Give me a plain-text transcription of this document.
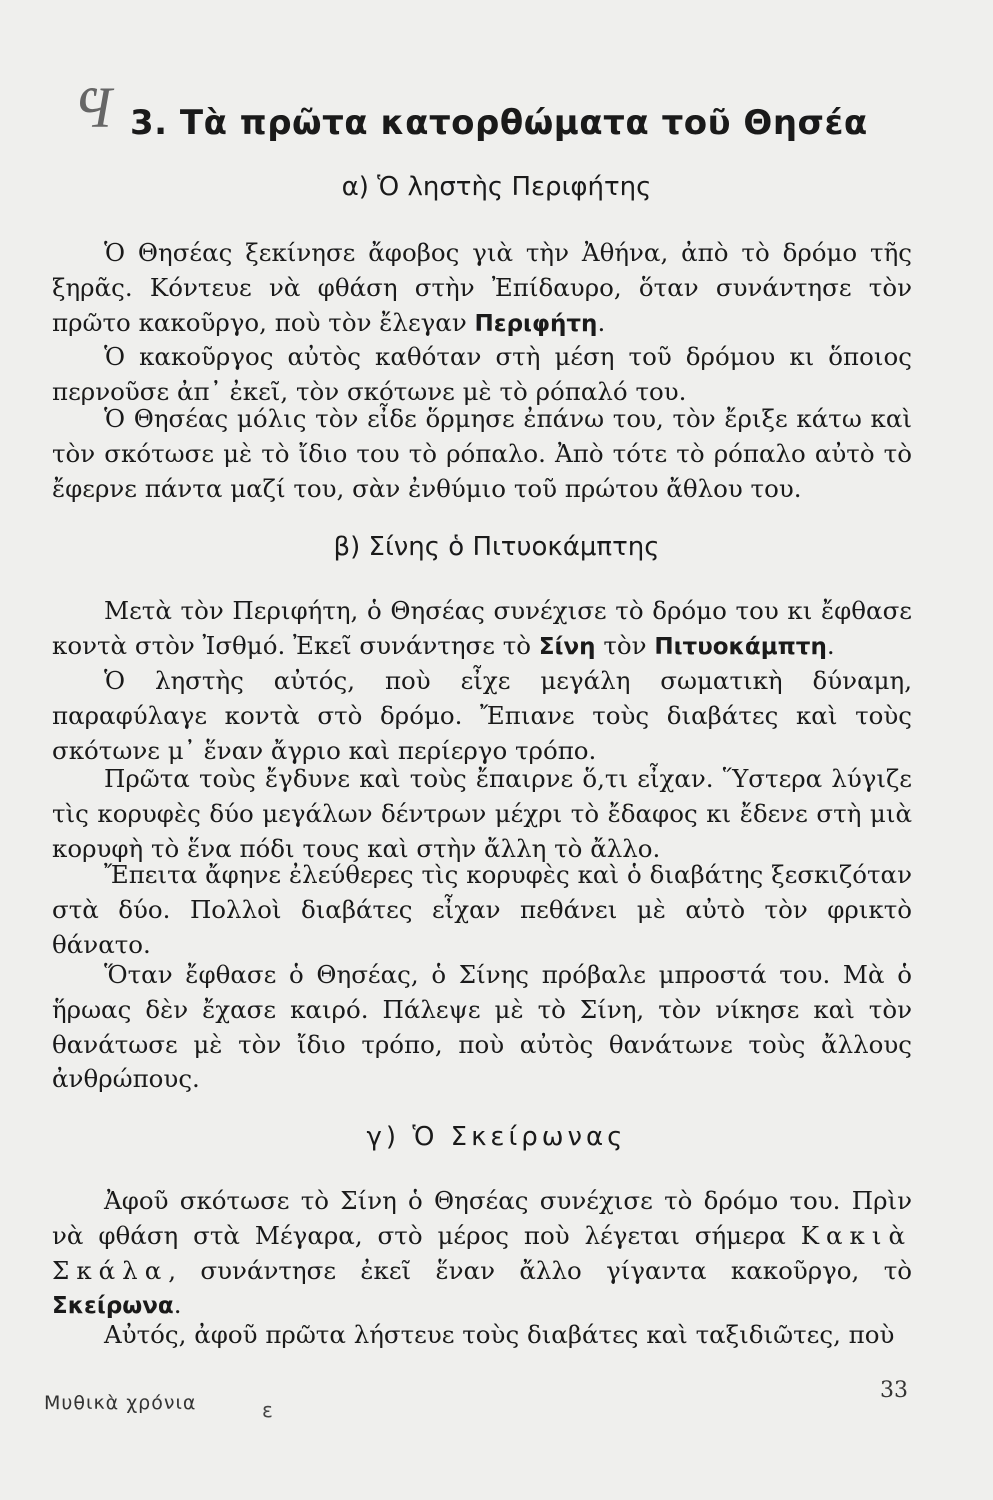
Ϥ 3. Τὰ πρῶτα κατορθώματα τοῦ Θησέα
α) Ὁ ληστὴς Περιφήτης

Ὁ Θησέας ξεκίνησε ἄφοβος γιὰ τὴν Ἀθήνα, ἀπὸ τὸ δρόμο τῆς ξηρᾶς. Κόντευε νὰ φθάση στὴν Ἐπίδαυρο, ὅταν συνάντησε τὸν πρῶτο κακοῦργο, ποὺ τὸν ἔλεγαν Περιφήτη.

Ὁ κακοῦργος αὐτὸς καθόταν στὴ μέση τοῦ δρόμου κι ὅποιος περνοῦσε ἀπ᾽ ἐκεῖ, τὸν σκότωνε μὲ τὸ ρόπαλό του.

Ὁ Θησέας μόλις τὸν εἶδε ὅρμησε ἐπάνω του, τὸν ἔριξε κάτω καὶ τὸν σκότωσε μὲ τὸ ἴδιο του τὸ ρόπαλο. Ἀπὸ τότε τὸ ρόπαλο αὐτὸ τὸ ἔφερνε πάντα μαζί του, σὰν ἐνθύμιο τοῦ πρώτου ἄθλου του.

β) Σίνης ὁ Πιτυοκάμπτης

Μετὰ τὸν Περιφήτη, ὁ Θησέας συνέχισε τὸ δρόμο του κι ἔφθασε κοντὰ στὸν Ἰσθμό. Ἐκεῖ συνάντησε τὸ Σίνη τὸν Πιτυοκάμπτη.

Ὁ ληστὴς αὐτός, ποὺ εἶχε μεγάλη σωματικὴ δύναμη, παραφύλαγε κοντὰ στὸ δρόμο. Ἔπιανε τοὺς διαβάτες καὶ τοὺς σκότωνε μ᾽ ἕναν ἄγριο καὶ περίεργο τρόπο.

Πρῶτα τοὺς ἔγδυνε καὶ τοὺς ἔπαιρνε ὅ,τι εἶχαν. Ὕστερα λύγιζε τὶς κορυφὲς δύο μεγάλων δέντρων μέχρι τὸ ἔδαφος κι ἔδενε στὴ μιὰ κορυφὴ τὸ ἕνα πόδι τους καὶ στὴν ἄλλη τὸ ἄλλο.

Ἔπειτα ἄφηνε ἐλεύθερες τὶς κορυφὲς καὶ ὁ διαβάτης ξεσκιζόταν στὰ δύο. Πολλοὶ διαβάτες εἶχαν πεθάνει μὲ αὐτὸ τὸν φρικτὸ θάνατο.

Ὅταν ἔφθασε ὁ Θησέας, ὁ Σίνης πρόβαλε μπροστά του. Μὰ ὁ ἥρωας δὲν ἔχασε καιρό. Πάλεψε μὲ τὸ Σίνη, τὸν νίκησε καὶ τὸν θανάτωσε μὲ τὸν ἴδιο τρόπο, ποὺ αὐτὸς θανάτωνε τοὺς ἄλλους ἀνθρώπους.

γ) Ὁ Σκείρωνας

Ἀφοῦ σκότωσε τὸ Σίνη ὁ Θησέας συνέχισε τὸ δρόμο του. Πρὶν νὰ φθάση στὰ Μέγαρα, στὸ μέρος ποὺ λέγεται σήμερα Κακιὰ Σκάλα, συνάντησε ἐκεῖ ἕναν ἄλλο γίγαντα κακοῦργο, τὸ Σκείρωνα.

Αὐτός, ἀφοῦ πρῶτα λήστευε τοὺς διαβάτες καὶ ταξιδιῶτες, ποὺ

Μυθικὰ χρόνια	ε
33
